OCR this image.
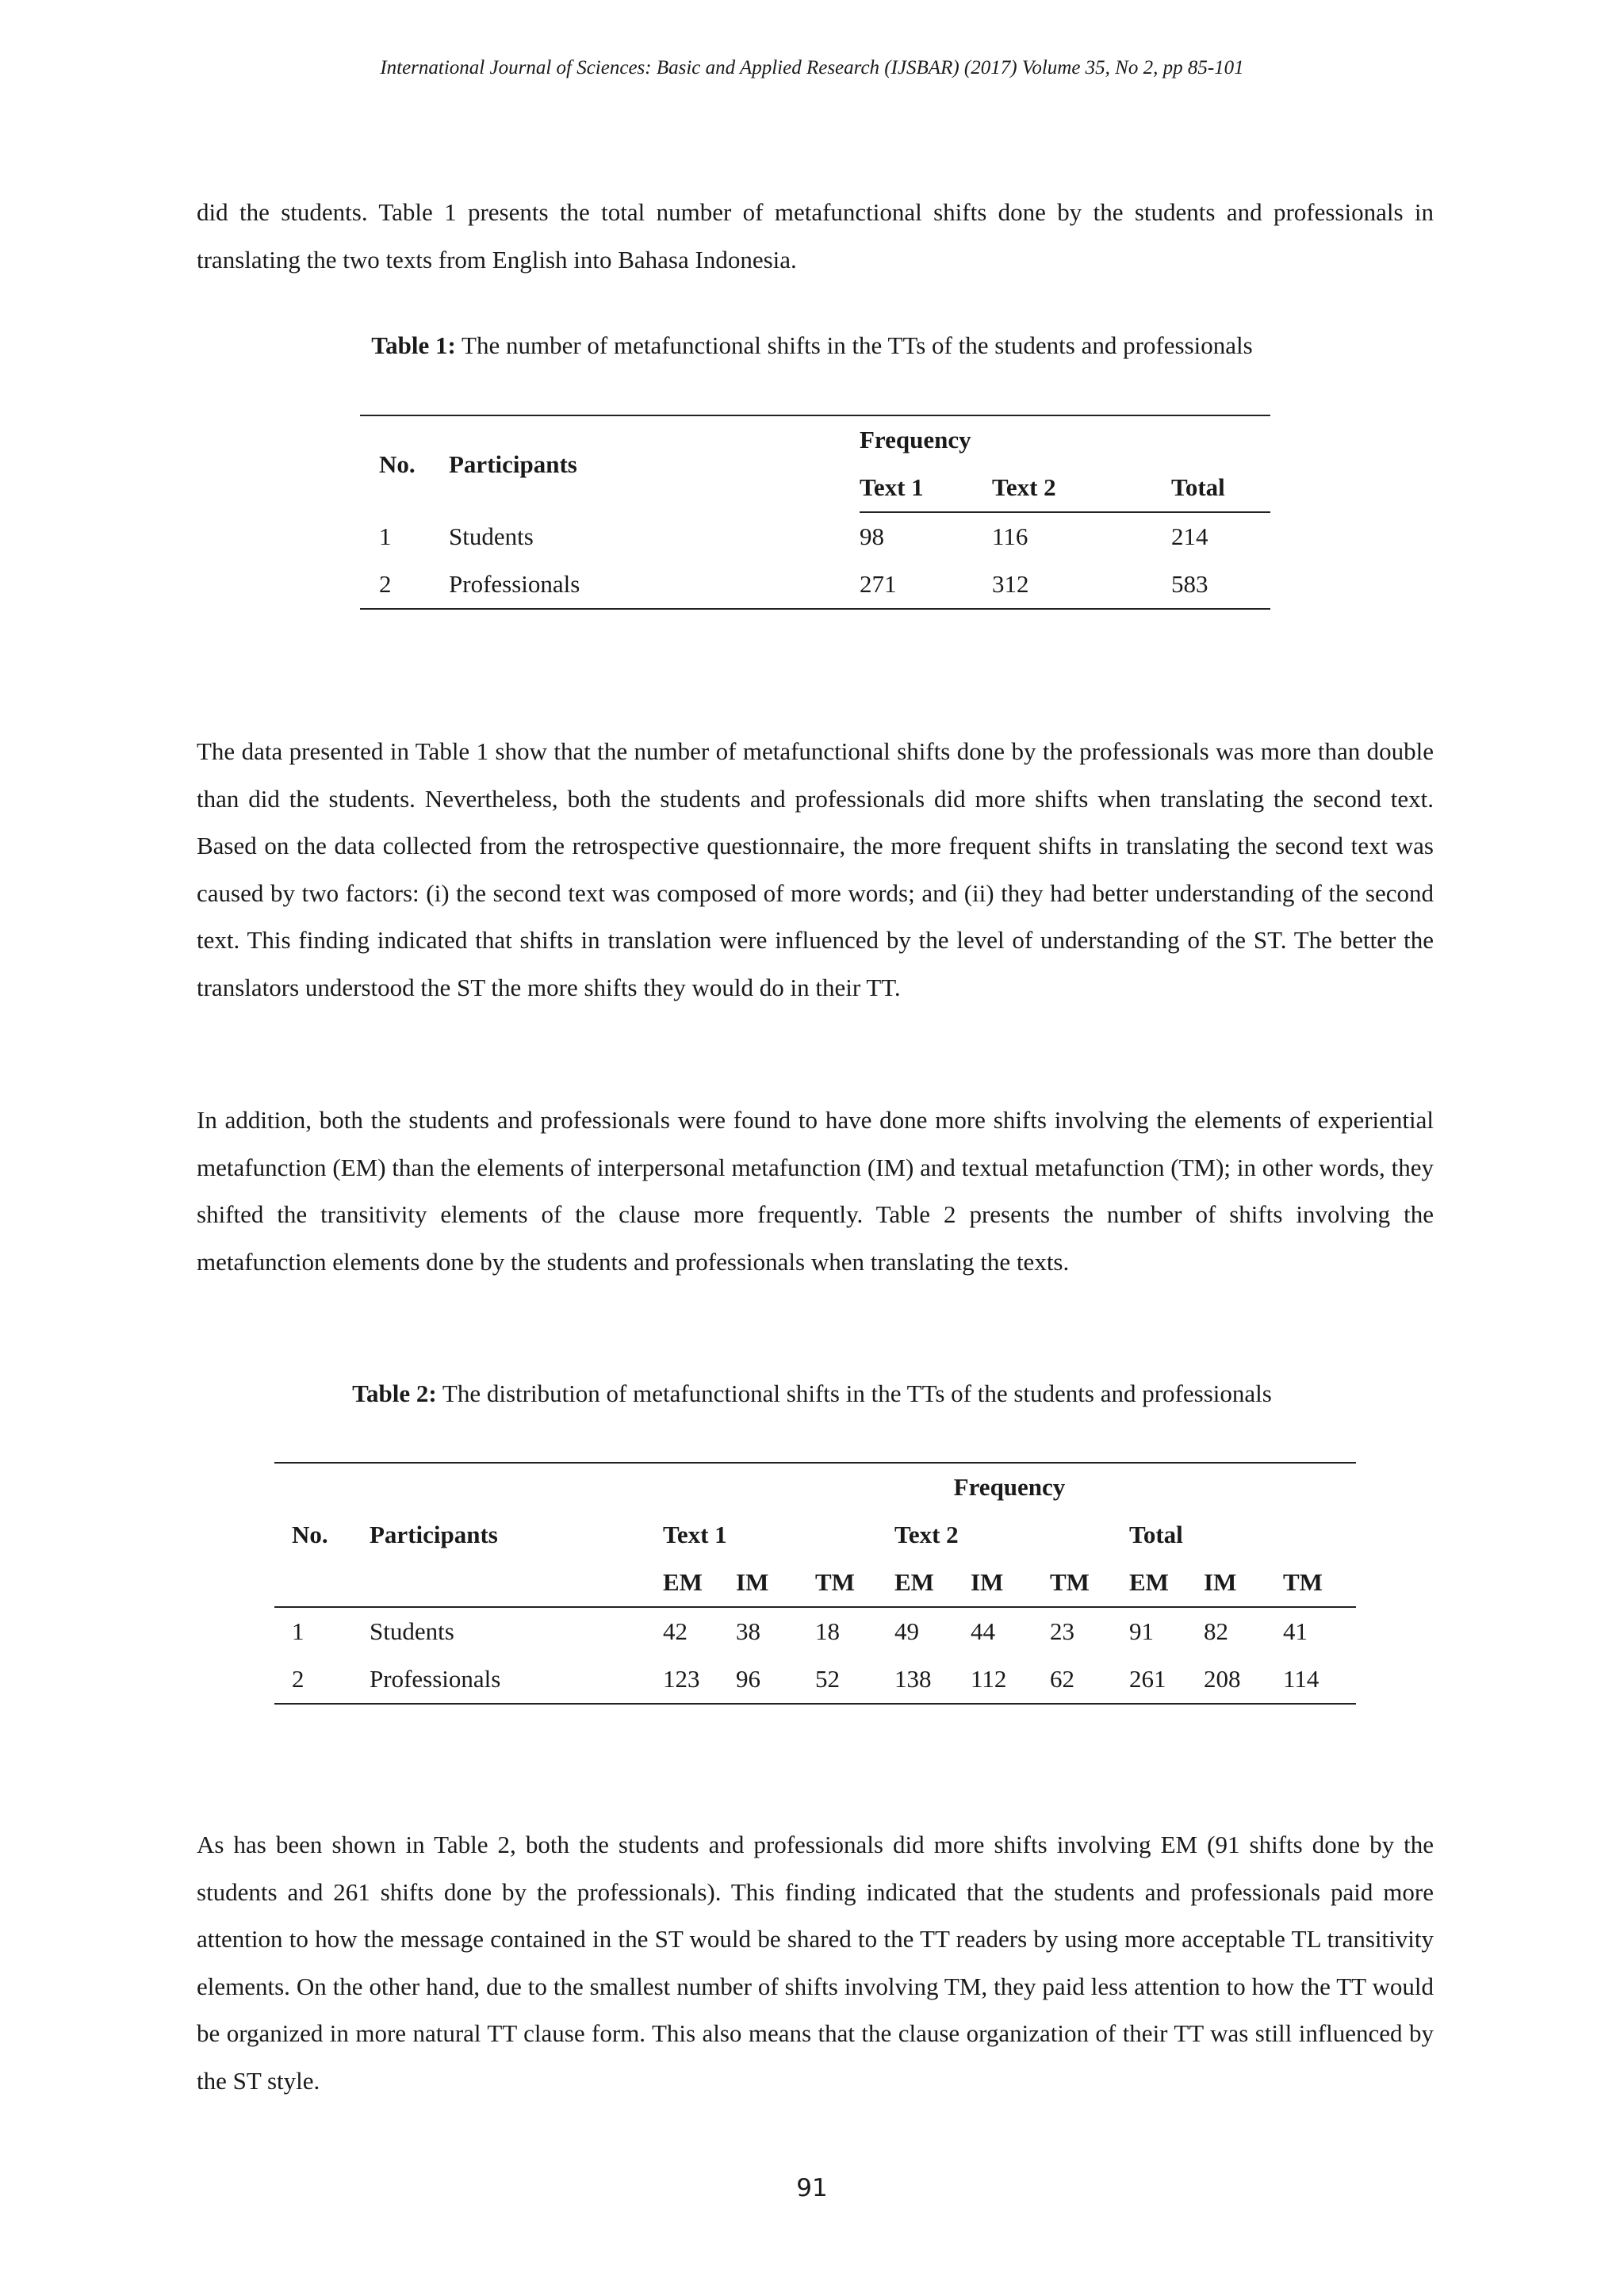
International Journal of Sciences: Basic and Applied Research (IJSBAR) (2017) Volume 35, No 2, pp 85-101

did the students. Table 1 presents the total number of metafunctional shifts done by the students and professionals in translating the two texts from English into Bahasa Indonesia.

Table 1: The number of metafunctional shifts in the TTs of the students and professionals
No.	Participants	Frequency		
		Text 1	Text 2	Total
1	Students	98	116	214
2	Professionals	271	312	583

The data presented in Table 1 show that the number of metafunctional shifts done by the professionals was more than double than did the students. Nevertheless, both the students and professionals did more shifts when translating the second text. Based on the data collected from the retrospective questionnaire, the more frequent shifts in translating the second text was caused by two factors: (i) the second text was composed of more words; and (ii) they had better understanding of the second text. This finding indicated that shifts in translation were influenced by the level of understanding of the ST. The better the translators understood the ST the more shifts they would do in their TT.

In addition, both the students and professionals were found to have done more shifts involving the elements of experiential metafunction (EM) than the elements of interpersonal metafunction (IM) and textual metafunction (TM); in other words, they shifted the transitivity elements of the clause more frequently. Table 2 presents the number of shifts involving the metafunction elements done by the students and professionals when translating the texts.

Table 2: The distribution of metafunctional shifts in the TTs of the students and professionals
		Frequency								
No.	Participants	Text 1			Text 2			Total		
		EM	IM	TM	EM	IM	TM	EM	IM	TM
1	Students	42	38	18	49	44	23	91	82	41
2	Professionals	123	96	52	138	112	62	261	208	114

As has been shown in Table 2, both the students and professionals did more shifts involving EM (91 shifts done by the students and 261 shifts done by the professionals). This finding indicated that the students and professionals paid more attention to how the message contained in the ST would be shared to the TT readers by using more acceptable TL transitivity elements. On the other hand, due to the smallest number of shifts involving TM, they paid less attention to how the TT would be organized in more natural TT clause form. This also means that the clause organization of their TT was still influenced by the ST style.

91
